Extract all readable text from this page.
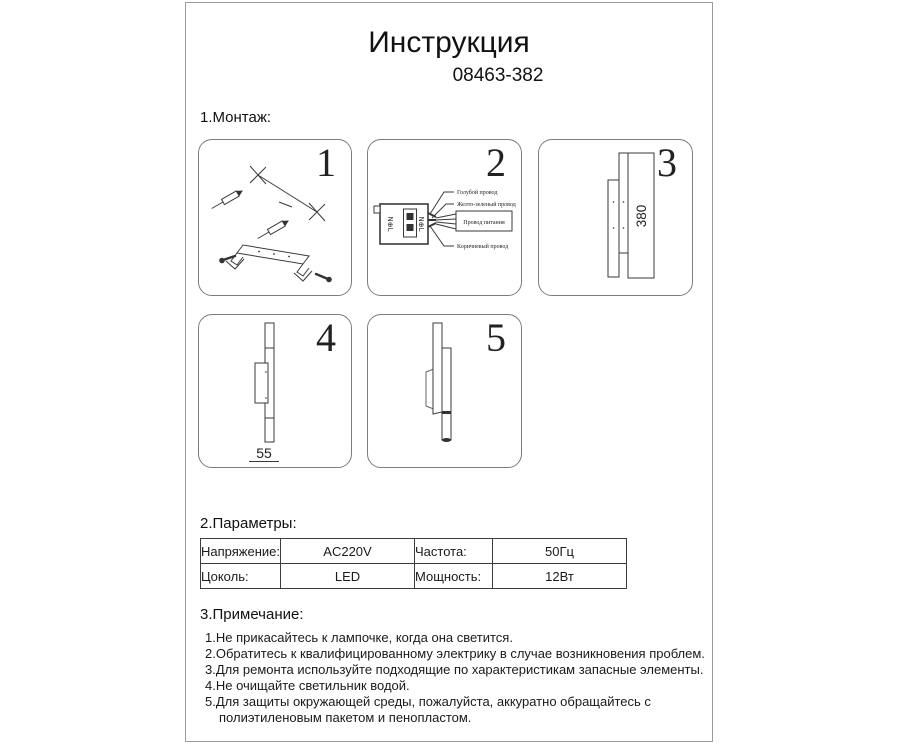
Инструкция
08463-382
1.Монтаж:
1
N⊕L	N⊕L
Голубой провод
Желто-зеленый провод
Провод питания
Коричневый провод
2
380
3
55
4	5
2.Параметры:
Напряжение:	AC220V	Частота:	50Гц
Цоколь:	LED	Мощность:	12Вт
3.Примечание:
1.Не прикасайтесь к лампочке, когда она светится.
2.Обратитесь к квалифицированному электрику в случае возникновения проблем.
3.Для ремонта используйте подходящие по характеристикам запасные элементы.
4.Не очищайте светильник водой.
5.Для защиты окружающей среды, пожалуйста, аккуратно обращайтесь с полиэтиленовым пакетом и пенопластом.
